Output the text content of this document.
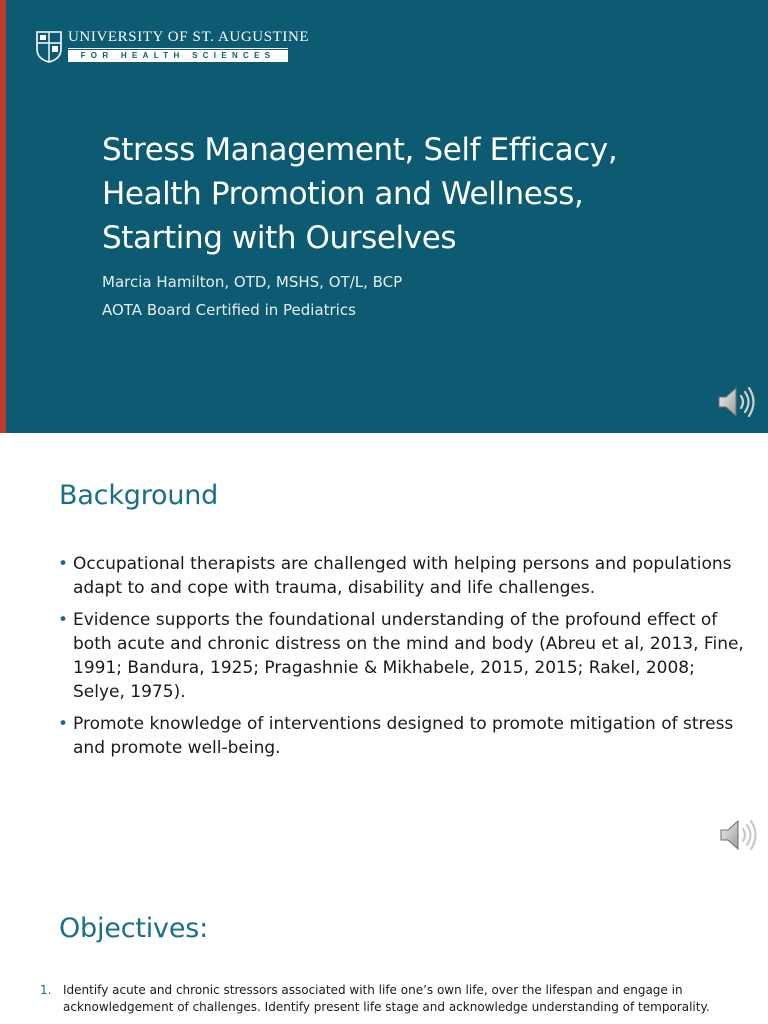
UNIVERSITY OF ST. AUGUSTINE
FOR HEALTH SCIENCES
Stress Management, Self Efficacy,
Health Promotion and Wellness,
Starting with Ourselves
Marcia Hamilton, OTD, MSHS, OT/L, BCP
AOTA Board Certified in Pediatrics
Background
• Occupational therapists are challenged with helping persons and populations adapt to and cope with trauma, disability and life challenges.
• Evidence supports the foundational understanding of the profound effect of both acute and chronic distress on the mind and body (Abreu et al, 2013, Fine, 1991; Bandura, 1925; Pragashnie & Mikhabele, 2015, 2015; Rakel, 2008; Selye, 1975).
• Promote knowledge of interventions designed to promote mitigation of stress and promote well-being.
Objectives:
1. Identify acute and chronic stressors associated with life one’s own life, over the lifespan and engage in acknowledgement of challenges. Identify present life stage and acknowledge understanding of temporality.
